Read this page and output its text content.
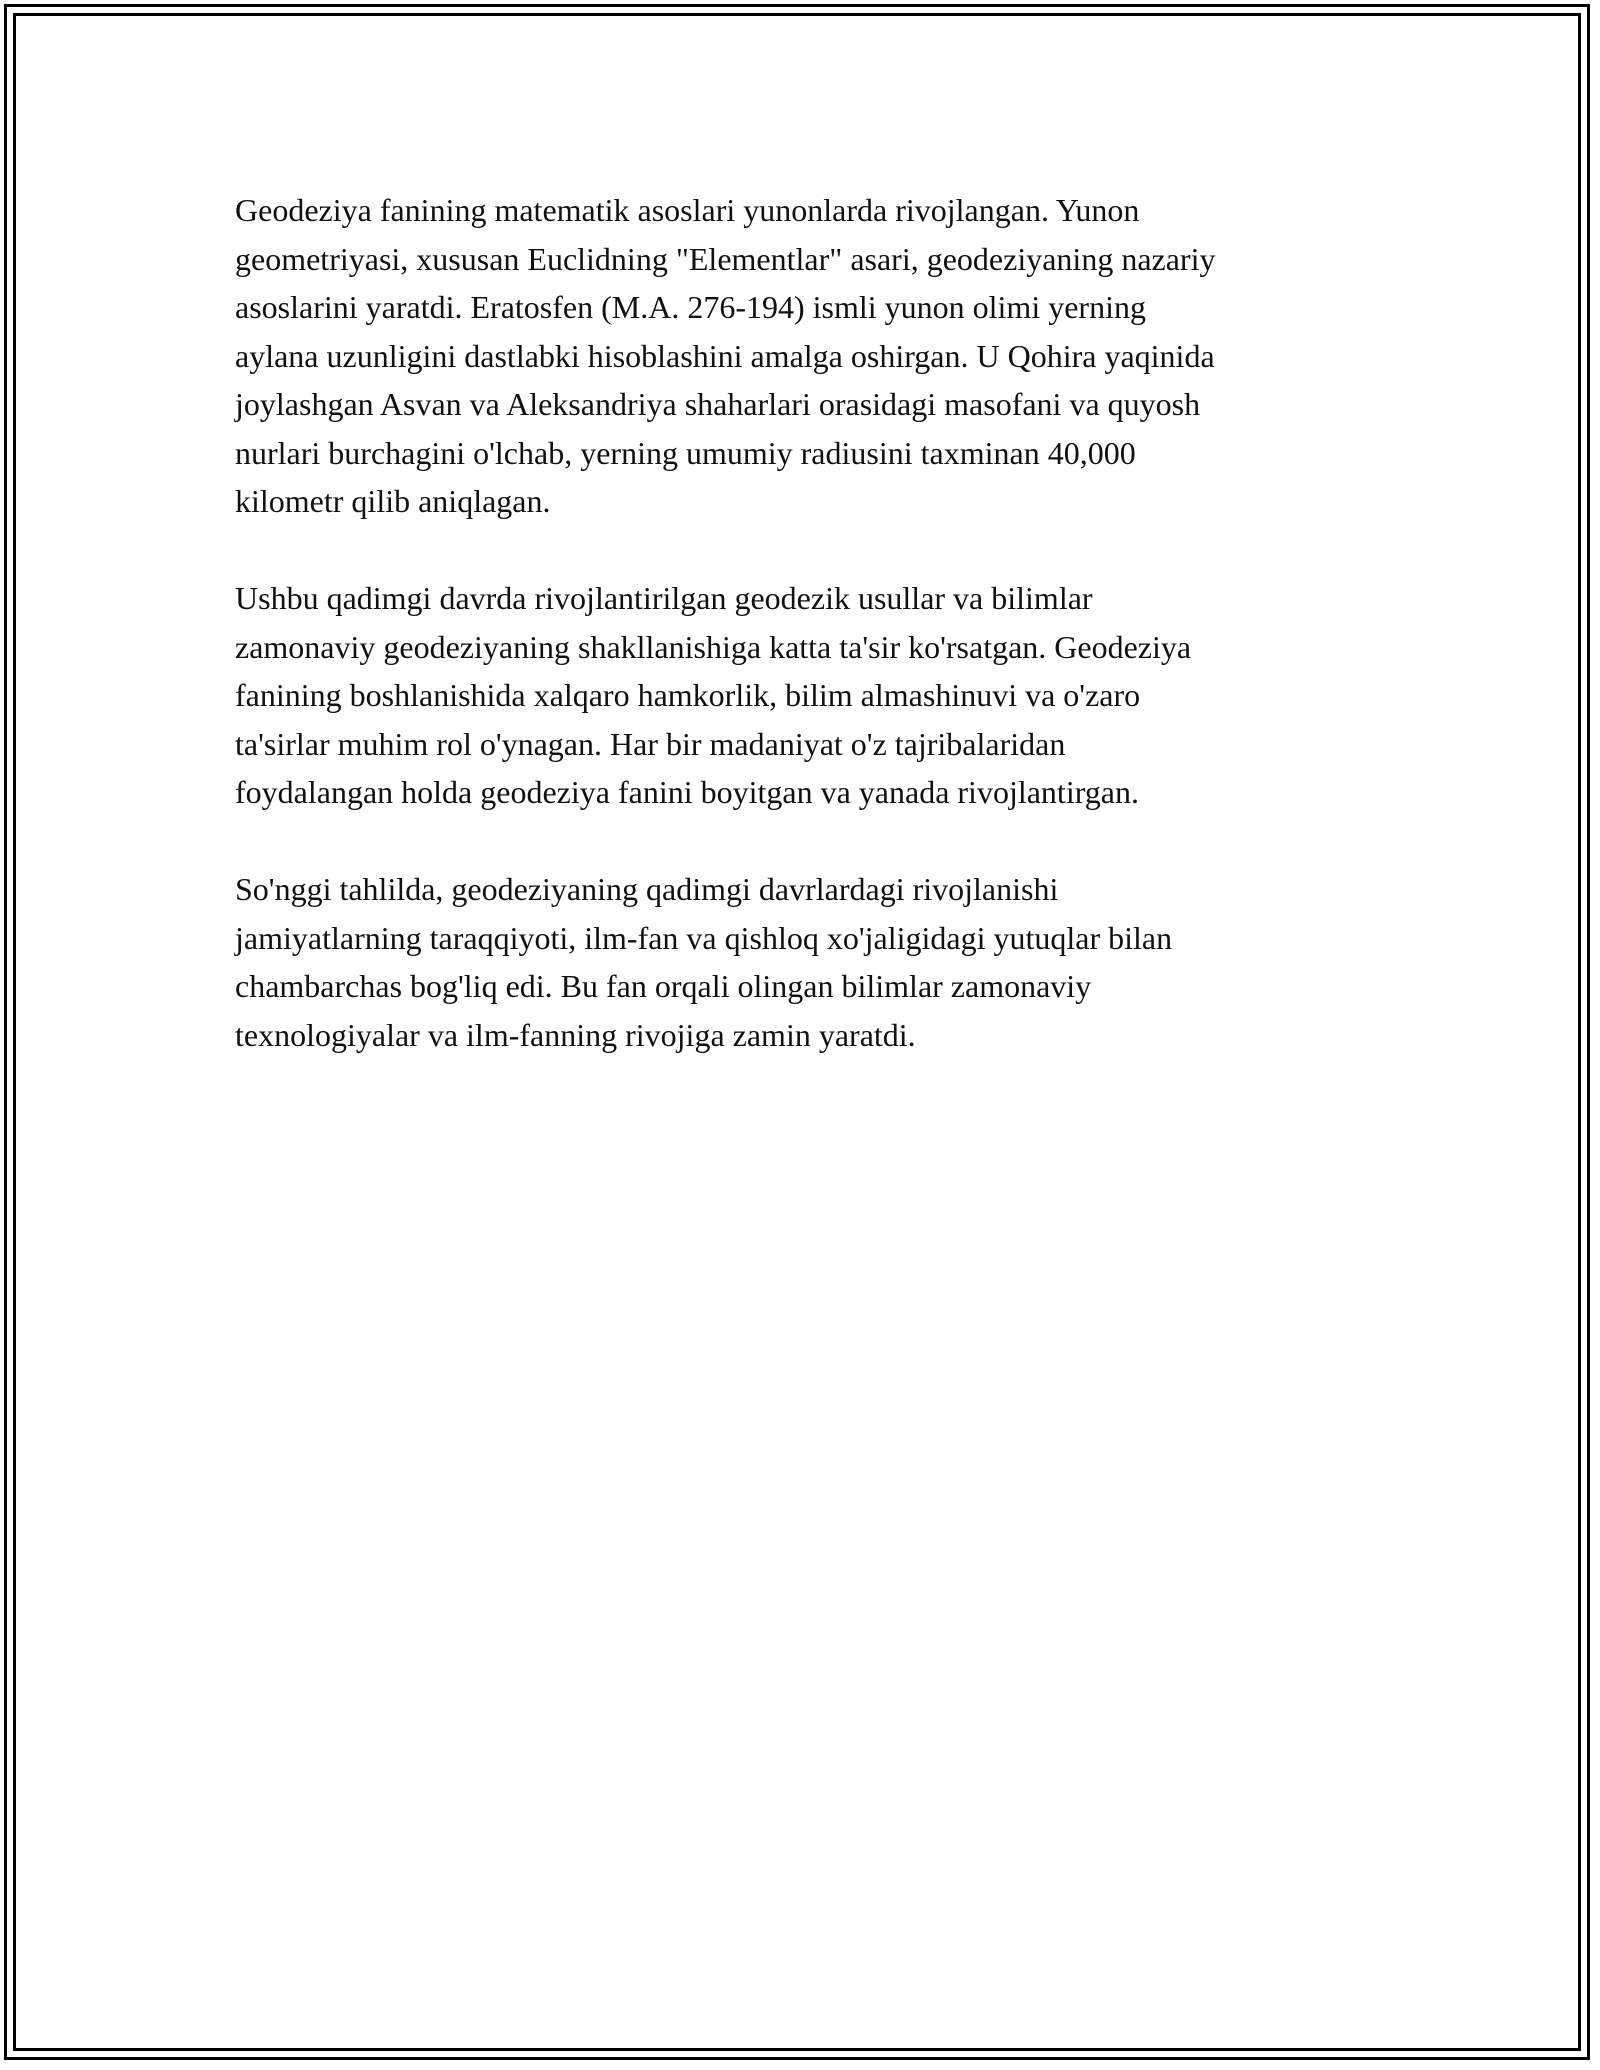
Geodeziya fanining matematik asoslari yunonlarda rivojlangan. Yunon
geometriyasi, xususan Euclidning "Elementlar" asari, geodeziyaning nazariy
asoslarini yaratdi. Eratosfen (M.A. 276-194) ismli yunon olimi yerning
aylana uzunligini dastlabki hisoblashini amalga oshirgan. U Qohira yaqinida
joylashgan Asvan va Aleksandriya shaharlari orasidagi masofani va quyosh
nurlari burchagini o'lchab, yerning umumiy radiusini taxminan 40,000
kilometr qilib aniqlagan.

Ushbu qadimgi davrda rivojlantirilgan geodezik usullar va bilimlar
zamonaviy geodeziyaning shakllanishiga katta ta'sir ko'rsatgan. Geodeziya
fanining boshlanishida xalqaro hamkorlik, bilim almashinuvi va o'zaro
ta'sirlar muhim rol o'ynagan. Har bir madaniyat o'z tajribalaridan
foydalangan holda geodeziya fanini boyitgan va yanada rivojlantirgan.

So'nggi tahlilda, geodeziyaning qadimgi davrlardagi rivojlanishi
jamiyatlarning taraqqiyoti, ilm-fan va qishloq xo'jaligidagi yutuqlar bilan
chambarchas bog'liq edi. Bu fan orqali olingan bilimlar zamonaviy
texnologiyalar va ilm-fanning rivojiga zamin yaratdi.
